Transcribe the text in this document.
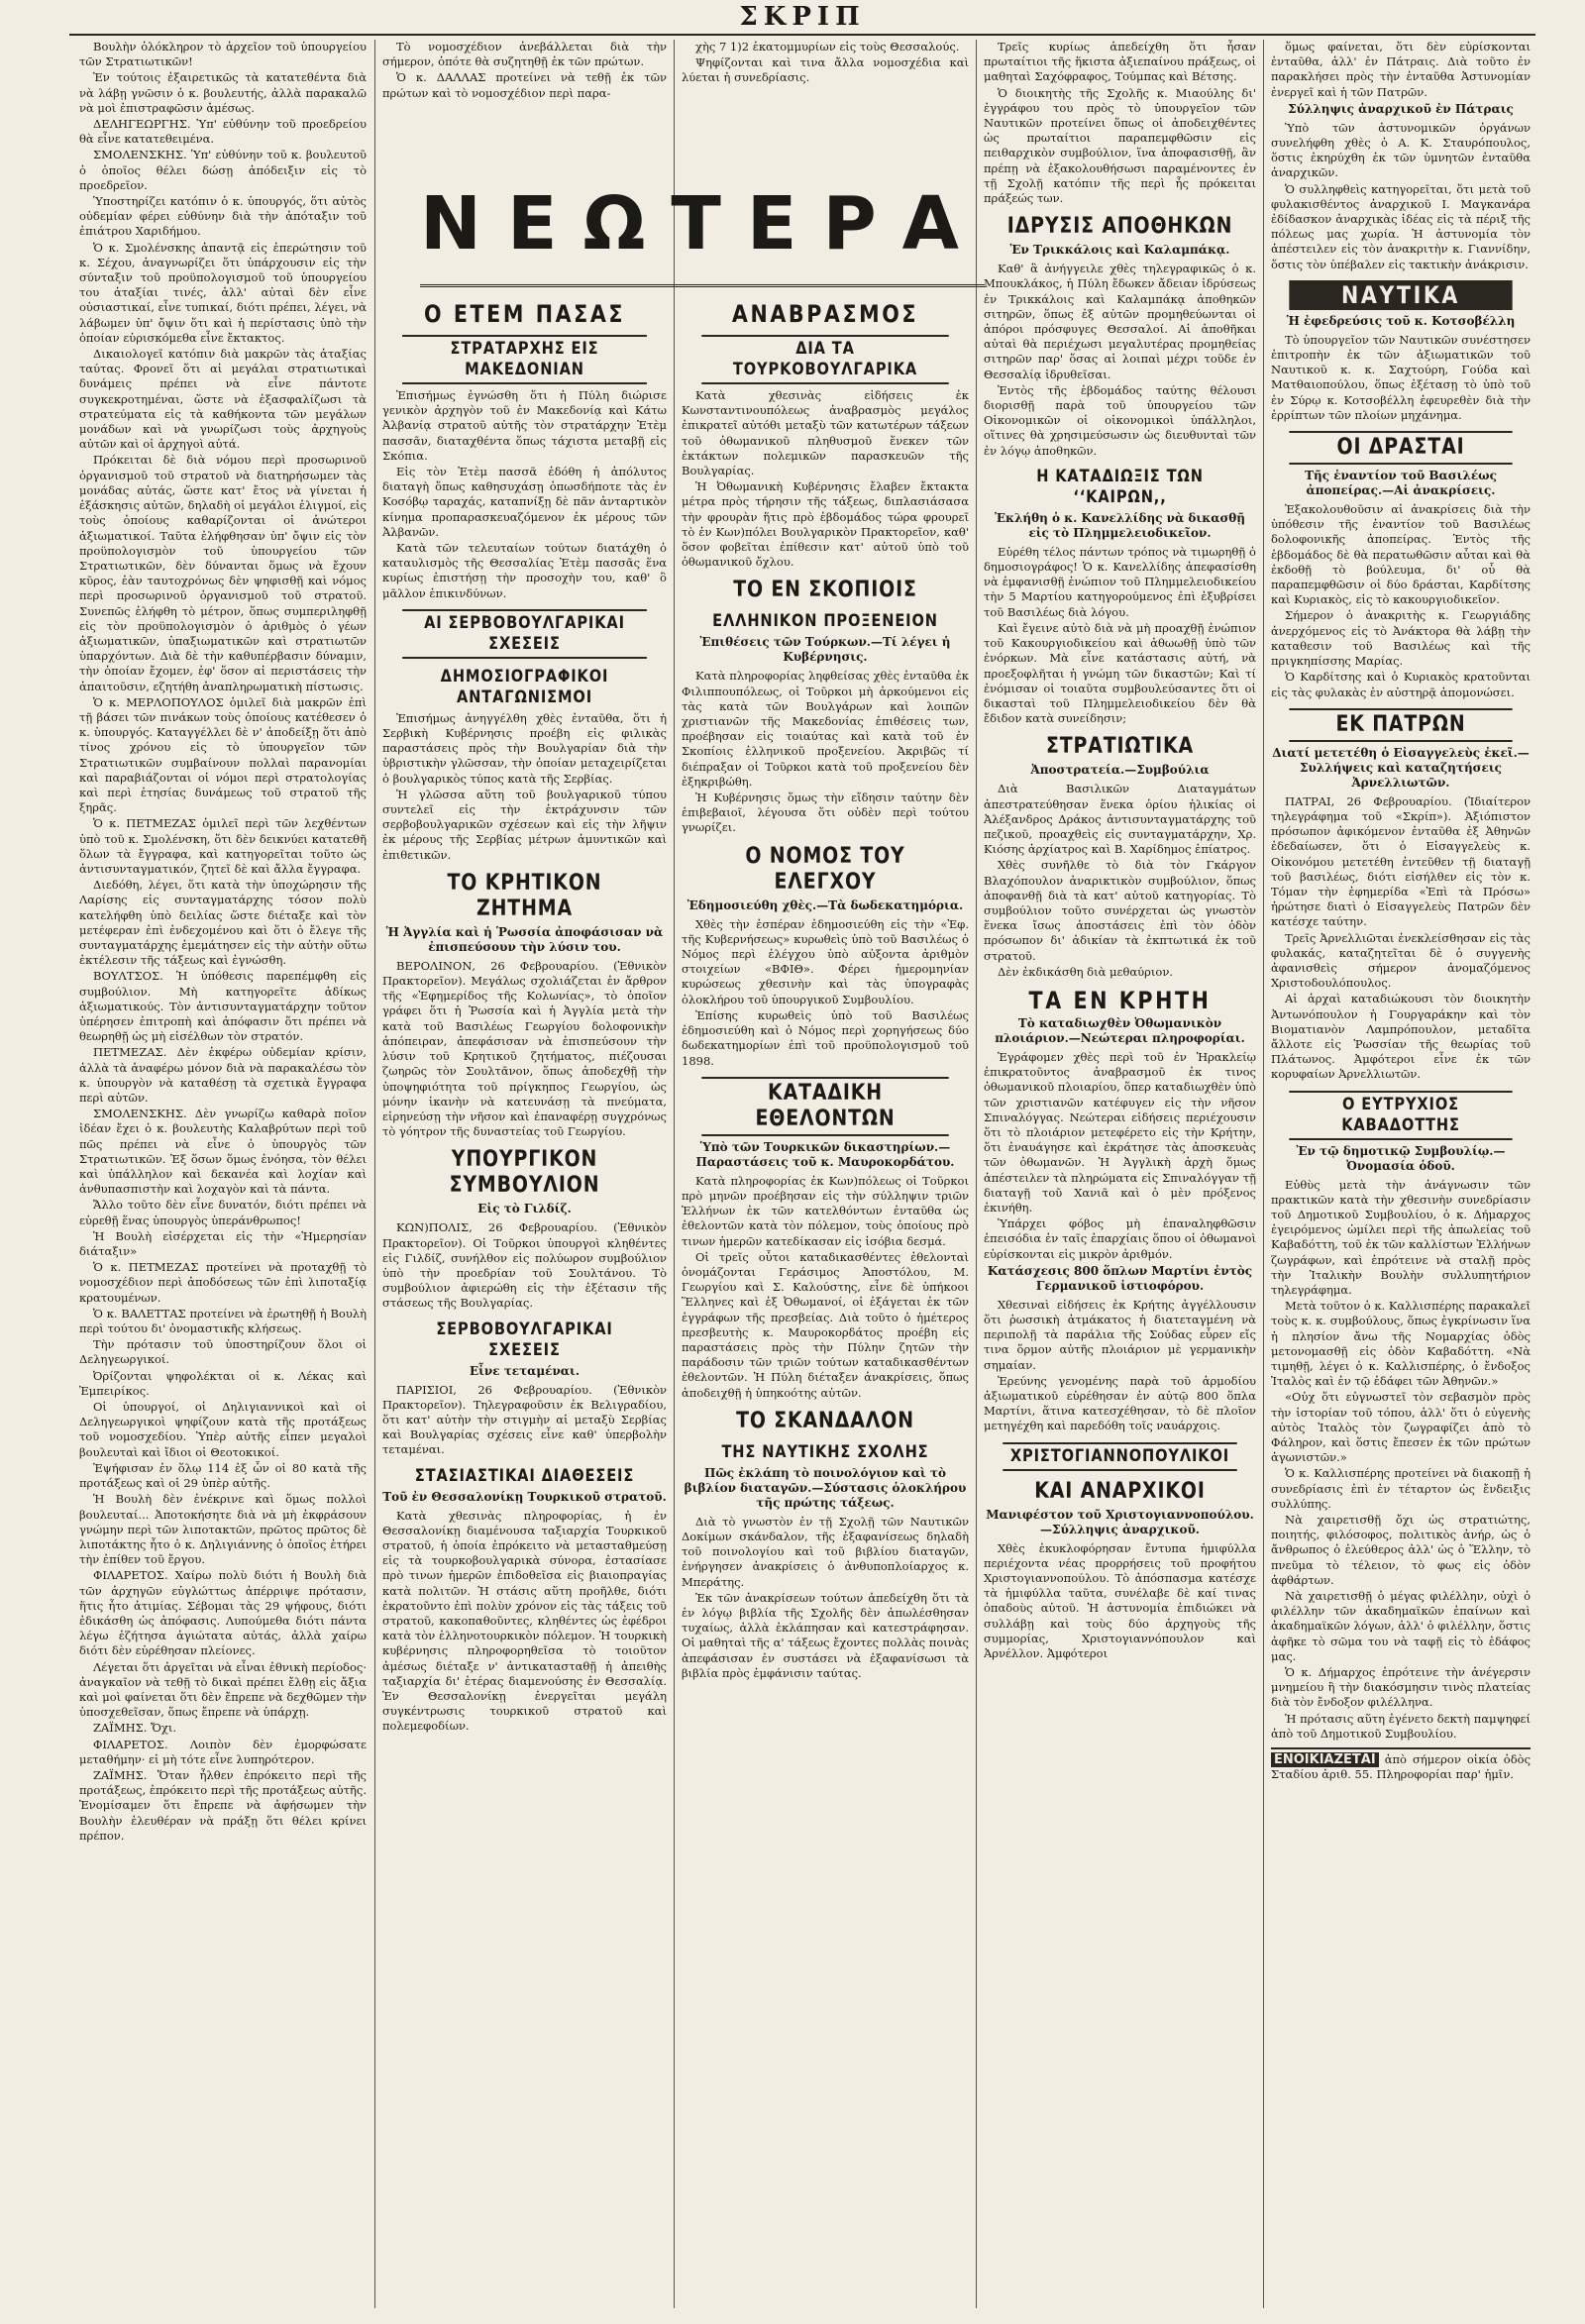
ΣΚΡΙΠ
ΝΕΩΤΕΡΑ

Βουλὴν ὁλόκληρον τὸ ἀρχεῖον τοῦ ὑπουργείου τῶν Στρατιωτικῶν!

Ἐν τούτοις ἐξαιρετικῶς τὰ κατατεθέντα διὰ νὰ λάβῃ γνῶσιν ὁ κ. βουλευτής, ἀλλὰ παρακαλῶ νὰ μοὶ ἐπιστραφῶσιν ἀμέσως.

ΔΕΛΗΓΕΩΡΓΗΣ. Ὑπ' εὐθύνην τοῦ προεδρείου θὰ εἶνε κατατεθειμένα.

ΣΜΟΛΕΝΣΚΗΣ. Ὑπ' εὐθύνην τοῦ κ. βουλευτοῦ ὁ ὁποῖος θέλει δώσῃ ἀπόδειξιν εἰς τὸ προεδρεῖον.

Ὑποστηρίζει κατόπιν ὁ κ. ὑπουργός, ὅτι αὐτὸς οὐδεμίαν φέρει εὐθύνην διὰ τὴν ἀπόταξιν τοῦ ἐπιάτρου Χαριδήμου.

Ὁ κ. Σμολένσκης ἀπαντᾷ εἰς ἐπερώτησιν τοῦ κ. Σέχου, ἀναγνωρίζει ὅτι ὑπάρχουσιν εἰς τὴν σύνταξιν τοῦ προϋπολογισμοῦ τοῦ ὑπουργείου του ἀταξίαι τινές, ἀλλ' αὐταὶ δὲν εἶνε οὐσιαστικαί, εἶνε τυπικαί, διότι πρέπει, λέγει, νὰ λάβωμεν ὑπ' ὄψιν ὅτι καὶ ἡ περίστασις ὑπὸ τὴν ὁποίαν εὑρισκόμεθα εἶνε ἔκτακτος.

Δικαιολογεῖ κατόπιν διὰ μακρῶν τὰς ἀταξίας ταύτας. Φρονεῖ ὅτι αἱ μεγάλαι στρατιωτικαὶ δυνάμεις πρέπει νὰ εἶνε πάντοτε συγκεκροτημέναι, ὥστε νὰ ἐξασφαλίζωσι τὰ στρατεύματα εἰς τὰ καθήκοντα τῶν μεγάλων μονάδων καὶ νὰ γνωρίζωσι τοὺς ἀρχηγοὺς αὐτῶν καὶ οἱ ἀρχηγοὶ αὐτά.

Πρόκειται δὲ διὰ νόμου περὶ προσωρινοῦ ὀργανισμοῦ τοῦ στρατοῦ νὰ διατηρήσωμεν τὰς μονάδας αὐτάς, ὥστε κατ' ἔτος νὰ γίνεται ἡ ἐξάσκησις αὐτῶν, δηλαδὴ οἱ μεγάλοι ἐλιγμοί, εἰς τοὺς ὁποίους καθαρίζονται οἱ ἀνώτεροι ἀξιωματικοί. Ταῦτα ἐλήφθησαν ὑπ' ὄψιν εἰς τὸν προϋπολογισμὸν τοῦ ὑπουργείου τῶν Στρατιωτικῶν, δὲν δύνανται ὅμως νὰ ἔχουν κῦρος, ἐὰν ταυτοχρόνως δὲν ψηφισθῇ καὶ νόμος περὶ προσωρινοῦ ὀργανισμοῦ τοῦ στρατοῦ. Συνεπῶς ἐλήφθη τὸ μέτρον, ὅπως συμπεριληφθῇ εἰς τὸν προϋπολογισμὸν ὁ ἀριθμὸς ὁ γέων ἀξιωματικῶν, ὑπαξιωματικῶν καὶ στρατιωτῶν ὑπαρχόντων. Διὰ δὲ τὴν καθυπέρβασιν δύναμιν, τὴν ὁποίαν ἔχομεν, ἐφ' ὅσον αἱ περιστάσεις τὴν ἀπαιτοῦσιν, εζητήθη ἀναπληρωματικὴ πίστωσις.

Ὁ κ. ΜΕΡΛΟΠΟΥΛΟΣ ὁμιλεῖ διὰ μακρῶν ἐπὶ τῇ βάσει τῶν πινάκων τοὺς ὁποίους κατέθεσεν ὁ κ. ὑπουργός. Καταγγέλλει δὲ ν' ἀποδείξῃ ὅτι ἀπὸ τίνος χρόνου εἰς τὸ ὑπουργεῖον τῶν Στρατιωτικῶν συμβαίνουν πολλαὶ παρανομίαι καὶ παραβιάζονται οἱ νόμοι περὶ στρατολογίας καὶ περὶ ἐτησίας δυνάμεως τοῦ στρατοῦ τῆς ξηρᾶς.

Ὁ κ. ΠΕΤΜΕΖΑΣ ὁμιλεῖ περὶ τῶν λεχθέντων ὑπὸ τοῦ κ. Σμολένσκη, ὅτι δὲν δεικνύει κατατεθῆ ὅλων τὰ ἔγγραφα, καὶ κατηγορεῖται τοῦτο ὡς ἀντισυνταγματικόν, ζητεῖ δὲ καὶ ἄλλα ἔγγραφα.

Διεδόθη, λέγει, ὅτι κατὰ τὴν ὑποχώρησιν τῆς Λαρίσης εἰς συνταγματάρχης τόσον πολὺ κατελήφθη ὑπὸ δειλίας ὥστε διέταξε καὶ τὸν μετέφεραν ἐπὶ ἐνδεχομένου καὶ ὅτι ὁ ἔλεγε τῆς συνταγματάρχης ἐμεμάτησεν εἰς τὴν αὐτὴν οὕτω ἐκτέλεσιν τῆς τάξεως καὶ ἐγνώσθη.

ΒΟΥΛΤΣΟΣ. Ἡ ὑπόθεσις παρεπέμφθη εἰς συμβούλιον. Μὴ κατηγορεῖτε ἀδίκως ἀξιωματικούς. Τὸν ἀντισυνταγματάρχην τοῦτον ὑπέρησεν ἐπιτροπὴ καὶ ἀπόφασιν ὅτι πρέπει νὰ θεωρηθῇ ὡς μὴ εἰσέλθων τὸν στρατόν.

ΠΕΤΜΕΖΑΣ. Δὲν ἐκφέρω οὐδεμίαν κρίσιν, ἀλλὰ τὰ ἀναφέρω μόνον διὰ νὰ παρακαλέσω τὸν κ. ὑπουργὸν νὰ καταθέσῃ τὰ σχετικὰ ἔγγραφα περὶ αὐτῶν.

ΣΜΟΛΕΝΣΚΗΣ. Δὲν γνωρίζω καθαρὰ ποῖον ἰδέαν ἔχει ὁ κ. βουλευτὴς Καλαβρύτων περὶ τοῦ πῶς πρέπει νὰ εἶνε ὁ ὑπουργὸς τῶν Στρατιωτικῶν. Ἐξ ὅσων ὅμως ἐνόησα, τὸν θέλει καὶ ὑπάλληλον καὶ δεκανέα καὶ λοχίαν καὶ ἀνθυπασπιστὴν καὶ λοχαγὸν καὶ τὰ πάντα.

Ἄλλο τοῦτο δὲν εἶνε δυνατόν, διότι πρέπει νὰ εὑρεθῇ ἕνας ὑπουργὸς ὑπεράνθρωπος!

Ἡ Βουλὴ εἰσέρχεται εἰς τὴν «Ἡμερησίαν διάταξιν»

Ὁ κ. ΠΕΤΜΕΖΑΣ προτείνει νὰ προταχθῇ τὸ νομοσχέδιον περὶ ἀποδόσεως τῶν ἐπὶ λιποταξίᾳ κρατουμένων.

Ὁ κ. ΒΑΛΕΤΤΑΣ προτείνει νὰ ἐρωτηθῇ ἡ Βουλὴ περὶ τούτου δι' ὀνομαστικῆς κλήσεως.

Τὴν πρότασιν τοῦ ὑποστηρίζουν ὅλοι οἱ Δεληγεωργικοί.

Ὀρίζονται ψηφολέκται οἱ κ. Λέκας καὶ Ἐμπειρίκος.

Οἱ ὑπουργοί, οἱ Δηλιγιαννικοὶ καὶ οἱ Δεληγεωργικοὶ ψηφίζουν κατὰ τῆς προτάξεως τοῦ νομοσχεδίου. Ὑπὲρ αὐτῆς εἶπεν μεγαλοὶ βουλευταὶ καὶ ἴδιοι οἱ Θεοτοκικοί.

Ἐψήφισαν ἐν ὅλῳ 114 ἐξ ὧν οἱ 80 κατὰ τῆς προτάξεως καὶ οἱ 29 ὑπὲρ αὐτῆς.

Ἡ Βουλὴ δὲν ἐνέκρινε καὶ ὅμως πολλοὶ βουλευταί... Ἀποτοκήσητε διὰ νὰ μὴ ἐκφράσουν γνώμην περὶ τῶν λιποτακτῶν, πρῶτος πρῶτος δὲ λιποτάκτης ἦτο ὁ κ. Δηλιγιάννης ὁ ὁποῖος ἐτήρει τὴν ἐπίθεν τοῦ ἔργου.

ΦΙΛΑΡΕΤΟΣ. Χαίρω πολὺ διότι ἡ Βουλὴ διὰ τῶν ἀρχηγῶν εὐγλώττως ἀπέρριψε πρότασιν, ἥτις ἦτο ἀτιμίας. Σέβομαι τὰς 29 ψήφους, διότι ἐδικάσθη ὡς ἀπόφασις. Λυπούμεθα διότι πάντα λέγω ἐζήτησα ἀγιώτατα αὐτάς, ἀλλὰ χαίρω διότι δὲν εὐρέθησαν πλείονες.

Λέγεται ὅτι ἀργεῖται νὰ εἶναι ἐθνικὴ περίοδος· ἀναγκαῖον νὰ τεθῇ τὸ δικαὶ πρέπει ἔλθῃ εἰς ἄξια καὶ μοὶ φαίνεται ὅτι δὲν ἔπρεπε νὰ δεχθῶμεν τὴν ὑποσχεθεῖσαν, ὅπως ἔπρεπε νὰ ὑπάρχῃ.

ΖΑΪΜΗΣ. Ὄχι.

ΦΙΛΑΡΕΤΟΣ. Λοιπὸν δὲν ἐμορφώσατε μεταθήμην· εἰ μὴ τότε εἶνε λυπηρότερον.

ΖΑΪΜΗΣ. Ὅταν ἦλθεν ἐπρόκειτο περὶ τῆς προτάξεως, ἐπρόκειτο περὶ τῆς προτάξεως αὐτῆς. Ἐνομίσαμεν ὅτι ἔπρεπε νὰ ἀφήσωμεν τὴν Βουλὴν ἐλευθέραν νὰ πράξῃ ὅτι θέλει κρίνει πρέπον.

Τὸ νομοσχέδιον ἀνεβάλλεται διὰ τὴν σήμερον, ὁπότε θὰ συζητηθῇ ἐκ τῶν πρώτων.

Ὁ κ. ΔΑΛΛΑΣ προτείνει νὰ τεθῇ ἐκ τῶν πρώτων καὶ τὸ νομοσχέδιον περὶ παρα-

Ο ΕΤΕΜ ΠΑΣΑΣ
ΣΤΡΑΤΑΡΧΗΣ ΕΙΣ ΜΑΚΕΔΟΝΙΑΝ

Ἐπισήμως ἐγνώσθη ὅτι ἡ Πύλη διώρισε γενικὸν ἀρχηγὸν τοῦ ἐν Μακεδονίᾳ καὶ Κάτω Ἀλβανίᾳ στρατοῦ αὐτῆς τὸν στρατάρχην Ἐτὲμ πασσᾶν, διαταχθέντα ὅπως τάχιστα μεταβῇ εἰς Σκόπια.

Εἰς τὸν Ἐτὲμ πασσᾶ ἐδόθη ἡ ἀπόλυτος διαταγὴ ὅπως καθησυχάσῃ ὁπωσδήποτε τὰς ἐν Κοσόβῳ ταραχάς, καταπνίξῃ δὲ πᾶν ἀνταρτικὸν κίνημα προπαρασκευαζόμενον ἐκ μέρους τῶν Ἀλβανῶν.

Κατὰ τῶν τελευταίων τούτων διατάχθη ὁ καταυλισμὸς τῆς Θεσσαλίας Ἐτὲμ πασσᾶς ἕνα κυρίως ἐπιστήσῃ τὴν προσοχὴν του, καθ' ὃ μᾶλλον ἐπικινδύνων.

ΑΙ ΣΕΡΒΟΒΟΥΛΓΑΡΙΚΑΙ ΣΧΕΣΕΙΣ
ΔΗΜΟΣΙΟΓΡΑΦΙΚΟΙ ΑΝΤΑΓΩΝΙΣΜΟΙ

Ἐπισήμως ἀνηγγέλθη χθὲς ἐνταῦθα, ὅτι ἡ Σερβικὴ Κυβέρνησις προέβη εἰς φιλικὰς παραστάσεις πρὸς τὴν Βουλγαρίαν διὰ τὴν ὑβριστικὴν γλῶσσαν, τὴν ὁποίαν μεταχειρίζεται ὁ βουλγαρικὸς τύπος κατὰ τῆς Σερβίας.

Ἡ γλῶσσα αὕτη τοῦ βουλγαρικοῦ τύπου συντελεῖ εἰς τὴν ἐκτράχυνσιν τῶν σερβοβουλγαρικῶν σχέσεων καὶ εἰς τὴν λῆψιν ἐκ μέρους τῆς Σερβίας μέτρων ἀμυντικῶν καὶ ἐπιθετικῶν.

ΤΟ ΚΡΗΤΙΚΟΝ ΖΗΤΗΜΑ
Ἡ Ἀγγλία καὶ ἡ Ῥωσσία ἀποφάσισαν νὰ ἐπισπεύσουν τὴν λύσιν του.

ΒΕΡΟΛΙΝΟΝ, 26 Φεβρουαρίου. (Ἐθνικὸν Πρακτορεῖον). Μεγάλως σχολιάζεται ἐν ἄρθρον τῆς «Ἐφημερίδος τῆς Κολωνίας», τὸ ὁποῖον γράφει ὅτι ἡ Ῥωσσία καὶ ἡ Ἀγγλία μετὰ τὴν κατὰ τοῦ Βασιλέως Γεωργίου δολοφονικὴν ἀπόπειραν, ἀπεφάσισαν νὰ ἐπισπεύσουν τὴν λύσιν τοῦ Κρητικοῦ ζητήματος, πιέζουσαι ζωηρῶς τὸν Σουλτᾶνον, ὅπως ἀποδεχθῇ τὴν ὑποψηφιότητα τοῦ πρίγκηπος Γεωργίου, ὡς μόνην ἱκανὴν νὰ κατευνάσῃ τὰ πνεύματα, εἰρηνεύσῃ τὴν νῆσον καὶ ἐπαναφέρῃ συγχρόνως τὸ γόητρον τῆς δυναστείας τοῦ Γεωργίου.

ΥΠΟΥΡΓΙΚΟΝ ΣΥΜΒΟΥΛΙΟΝ
Εἰς τὸ Γιλδίζ.

ΚΩΝ)ΠΟΛΙΣ, 26 Φεβρουαρίου. (Ἐθνικὸν Πρακτορεῖον). Οἱ Τοῦρκοι ὑπουργοὶ κληθέντες εἰς Γιλδίζ, συνήλθον εἰς πολύωρον συμβούλιον ὑπὸ τὴν προεδρίαν τοῦ Σουλτάνου. Τὸ συμβούλιον ἀφιερώθη εἰς τὴν ἐξέτασιν τῆς στάσεως τῆς Βουλγαρίας.

ΣΕΡΒΟΒΟΥΛΓΑΡΙΚΑΙ ΣΧΕΣΕΙΣ
Εἶνε τεταμέναι.

ΠΑΡΙΣΙΟΙ, 26 Φεβρουαρίου. (Ἐθνικὸν Πρακτορεῖον). Τηλεγραφοῦσιν ἐκ Βελιγραδίου, ὅτι κατ' αὐτὴν τὴν στιγμὴν αἱ μεταξὺ Σερβίας καὶ Βουλγαρίας σχέσεις εἶνε καθ' ὑπερβολὴν τεταμέναι.

ΣΤΑΣΙΑΣΤΙΚΑΙ ΔΙΑΘΕΣΕΙΣ
Τοῦ ἐν Θεσσαλονίκῃ Τουρκικοῦ στρατοῦ.

Κατὰ χθεσινὰς πληροφορίας, ἡ ἐν Θεσσαλονίκῃ διαμένουσα ταξιαρχία Τουρκικοῦ στρατοῦ, ἡ ὁποία ἐπρόκειτο νὰ μετασταθμεύσῃ εἰς τὰ τουρκοβουλγαρικὰ σύνορα, ἐστασίασε πρὸ τινων ἡμερῶν ἐπιδοθεῖσα εἰς βιαιοπραγίας κατὰ πολιτῶν. Ἡ στάσις αὕτη προῆλθε, διότι ἐκρατοῦντο ἐπὶ πολὺν χρόνον εἰς τὰς τάξεις τοῦ στρατοῦ, κακοπαθοῦντες, κληθέντες ὡς ἐφέδροι κατὰ τὸν ἑλληνοτουρκικὸν πόλεμον. Ἡ τουρκικὴ κυβέρνησις πληροφορηθεῖσα τὸ τοιοῦτον ἀμέσως διέταξε ν' ἀντικατασταθῇ ἡ ἀπειθὴς ταξιαρχία δι' ἑτέρας διαμενούσης ἐν Θεσσαλίᾳ. Ἐν Θεσσαλονίκῃ ἐνεργεῖται μεγάλη συγκέντρωσις τουρκικοῦ στρατοῦ καὶ πολεμεφοδίων.

χὴς 7 1)2 ἑκατομμυρίων εἰς τοὺς Θεσσαλούς.

Ψηφίζονται καὶ τινα ἄλλα νομοσχέδια καὶ λύεται ἡ συνεδρίασις.

ΑΝΑΒΡΑΣΜΟΣ
ΔΙΑ ΤΑ ΤΟΥΡΚΟΒΟΥΛΓΑΡΙΚΑ

Κατὰ χθεσινὰς εἰδήσεις ἐκ Κωνσταντινουπόλεως ἀναβρασμὸς μεγάλος ἐπικρατεῖ αὐτόθι μεταξὺ τῶν κατωτέρων τάξεων τοῦ ὀθωμανικοῦ πληθυσμοῦ ἕνεκεν τῶν ἐκτάκτων πολεμικῶν παρασκευῶν τῆς Βουλγαρίας.

Ἡ Ὀθωμανικὴ Κυβέρνησις ἔλαβεν ἔκτακτα μέτρα πρὸς τήρησιν τῆς τάξεως, διπλασιάσασα τὴν φρουρὰν ἥτις πρὸ ἑβδομάδος τώρα φρουρεῖ τὸ ἐν Κων)πόλει Βουλγαρικὸν Πρακτορεῖον, καθ' ὅσον φοβεῖται ἐπίθεσιν κατ' αὐτοῦ ὑπὸ τοῦ ὀθωμανικοῦ ὄχλου.

ΤΟ ΕΝ ΣΚΟΠΙΟΙΣ
ΕΛΛΗΝΙΚΟΝ ΠΡΟΞΕΝΕΙΟΝ
Ἐπιθέσεις τῶν Τούρκων.—Τί λέγει ἡ Κυβέρνησις.

Κατὰ πληροφορίας ληφθείσας χθὲς ἐνταῦθα ἐκ Φιλιππουπόλεως, οἱ Τοῦρκοι μὴ ἀρκούμενοι εἰς τὰς κατὰ τῶν Βουλγάρων καὶ λοιπῶν χριστιανῶν τῆς Μακεδονίας ἐπιθέσεις των, προέβησαν εἰς τοιαύτας καὶ κατὰ τοῦ ἐν Σκοπίοις ἑλληνικοῦ προξενείου. Ἀκριβῶς τί διέπραξαν οἱ Τοῦρκοι κατὰ τοῦ προξενείου δὲν ἐξηκριβώθη.

Ἡ Κυβέρνησις ὅμως τὴν εἴδησιν ταύτην δὲν ἐπιβεβαιοῖ, λέγουσα ὅτι οὐδὲν περὶ τούτου γνωρίζει.

Ο ΝΟΜΟΣ ΤΟΥ ΕΛΕΓΧΟΥ
Ἐδημοσιεύθη χθὲς.—Τὰ δωδεκατημόρια.

Χθὲς τὴν ἑσπέραν ἐδημοσιεύθη εἰς τὴν «Ἐφ. τῆς Κυβερνήσεως» κυρωθεὶς ὑπὸ τοῦ Βασιλέως ὁ Νόμος περὶ ἐλέγχου ὑπὸ αὐξοντα ἀριθμὸν στοιχείων «ΒΦΙΘ». Φέρει ἡμερομηνίαν κυρώσεως χθεσινὴν καὶ τὰς ὑπογραφὰς ὁλοκλήρου τοῦ ὑπουργικοῦ Συμβουλίου.

Ἐπίσης κυρωθεὶς ὑπὸ τοῦ Βασιλέως ἐδημοσιεύθη καὶ ὁ Νόμος περὶ χορηγήσεως δύο δωδεκατημορίων ἐπὶ τοῦ προϋπολογισμοῦ τοῦ 1898.

ΚΑΤΑΔΙΚΗ ΕΘΕΛΟΝΤΩΝ
Ὑπὸ τῶν Τουρκικῶν δικαστηρίων.—Παραστάσεις τοῦ κ. Μαυροκορδάτου.

Κατὰ πληροφορίας ἐκ Κων)πόλεως οἱ Τοῦρκοι πρὸ μηνῶν προέβησαν εἰς τὴν σύλληψιν τριῶν Ἑλλήνων ἐκ τῶν κατελθόντων ἐνταῦθα ὡς ἐθελοντῶν κατὰ τὸν πόλεμον, τοὺς ὁποίους πρὸ τινων ἡμερῶν κατεδίκασαν εἰς ἰσόβια δεσμά.

Οἱ τρεῖς οὗτοι καταδικασθέντες ἐθελονταὶ ὀνομάζονται Γεράσιμος Ἀποστόλου, Μ. Γεωργίου καὶ Σ. Καλούστης, εἶνε δὲ ὑπήκοοι Ἕλληνες καὶ ἐξ Ὀθωμανοί, οἱ ἐξάγεται ἐκ τῶν ἐγγράφων τῆς πρεσβείας. Διὰ τοῦτο ὁ ἡμέτερος πρεσβευτὴς κ. Μαυροκορδάτος προέβη εἰς παραστάσεις πρὸς τὴν Πύλην ζητῶν τὴν παράδοσιν τῶν τριῶν τούτων καταδικασθέντων ἐθελοντῶν. Ἡ Πύλη διέταξεν ἀνακρίσεις, ὅπως ἀποδειχθῇ ἡ ὑπηκοότης αὐτῶν.

ΤΟ ΣΚΑΝΔΑΛΟΝ
ΤΗΣ ΝΑΥΤΙΚΗΣ ΣΧΟΛΗΣ
Πῶς ἐκλάπη τὸ ποινολόγιον καὶ τὸ βιβλίον διαταγῶν.—Σύστασις ὁλοκλήρου τῆς πρώτης τάξεως.

Διὰ τὸ γνωστὸν ἐν τῇ Σχολῇ τῶν Ναυτικῶν Δοκίμων σκάνδαλον, τῆς ἐξαφανίσεως δηλαδὴ τοῦ ποινολογίου καὶ τοῦ βιβλίου διαταγῶν, ἐνήργησεν ἀνακρίσεις ὁ ἀνθυποπλοίαρχος κ. Μπεράτης.

Ἐκ τῶν ἀνακρίσεων τούτων ἀπεδείχθη ὅτι τὰ ἐν λόγῳ βιβλία τῆς Σχολῆς δὲν ἀπωλέσθησαν τυχαίως, ἀλλὰ ἐκλάπησαν καὶ κατεστράφησαν. Οἱ μαθηταὶ τῆς α' τάξεως ἔχοντες πολλὰς ποινὰς ἀπεφάσισαν ἐν συστάσει νὰ ἐξαφανίσωσι τὰ βιβλία πρὸς ἐμφάνισιν ταύτας.

Τρεῖς κυρίως ἀπεδείχθη ὅτι ἦσαν πρωταίτιοι τῆς ἥκιστα ἀξιεπαίνου πράξεως, οἱ μαθηταὶ Σαχόφραφος, Τούμπας καὶ Βέτσης.

Ὁ διοικητὴς τῆς Σχολῆς κ. Μιαούλης δι' ἐγγράφου του πρὸς τὸ ὑπουργεῖον τῶν Ναυτικῶν προτείνει ὅπως οἱ ἀποδειχθέντες ὡς πρωταίτιοι παραπεμφθῶσιν εἰς πειθαρχικὸν συμβούλιον, ἵνα ἀποφασισθῇ, ἂν πρέπῃ νὰ ἐξακολουθήσωσι παραμένοντες ἐν τῇ Σχολῇ κατόπιν τῆς περὶ ἧς πρόκειται πράξεώς των.

ΙΔΡΥΣΙΣ ΑΠΟΘΗΚΩΝ
Ἐν Τρικκάλοις καὶ Καλαμπάκᾳ.

Καθ' ἃ ἀνήγγειλε χθὲς τηλεγραφικῶς ὁ κ. Μπουκλάκος, ἡ Πύλη ἔδωκεν ἄδειαν ἱδρύσεως ἐν Τρικκάλοις καὶ Καλαμπάκᾳ ἀποθηκῶν σιτηρῶν, ὅπως ἐξ αὐτῶν προμηθεύωνται οἱ ἀπόροι πρόσφυγες Θεσσαλοί. Αἱ ἀποθῆκαι αὐταὶ θὰ περιέχωσι μεγαλυτέρας προμηθείας σιτηρῶν παρ' ὅσας αἱ λοιπαὶ μέχρι τοῦδε ἐν Θεσσαλίᾳ ἱδρυθεῖσαι.

Ἐντὸς τῆς ἑβδομάδος ταύτης θέλουσι διορισθῇ παρὰ τοῦ ὑπουργείου τῶν Οἰκονομικῶν οἱ οἰκονομικοὶ ὑπάλληλοι, οἵτινες θὰ χρησιμεύσωσιν ὡς διευθυνταὶ τῶν ἐν λόγῳ ἀποθηκῶν.

Η ΚΑΤΑΔΙΩΞΙΣ ΤΩΝ ‘‘ΚΑΙΡΩΝ,,
Ἐκλήθη ὁ κ. Κανελλίδης νὰ δικασθῇ εἰς τὸ Πλημμελειοδικεῖον.

Εὑρέθη τέλος πάντων τρόπος νὰ τιμωρηθῇ ὁ δημοσιογράφος! Ὁ κ. Κανελλίδης ἀπεφασίσθη νὰ ἐμφανισθῇ ἐνώπιον τοῦ Πλημμελειοδικείου τὴν 5 Μαρτίου κατηγορούμενος ἐπὶ ἐξυβρίσει τοῦ Βασιλέως διὰ λόγου.

Καὶ ἔγεινε αὐτὸ διὰ νὰ μὴ προαχθῇ ἐνώπιον τοῦ Κακουργιοδικείου καὶ ἀθωωθῇ ὑπὸ τῶν ἐνόρκων. Μὰ εἶνε κατάστασις αὐτή, νὰ προεξοφλῆται ἡ γνώμη τῶν δικαστῶν; Καὶ τί ἐνόμισαν οἱ τοιαῦτα συμβουλεύσαντες ὅτι οἱ δικασταὶ τοῦ Πλημμελειοδικείου δὲν θὰ ἔδιδον κατὰ συνείδησιν;

ΣΤΡΑΤΙΩΤΙΚΑ
Ἀποστρατεία.—Συμβούλια

Διὰ Βασιλικῶν Διαταγμάτων ἀπεστρατεύθησαν ἕνεκα ὁρίου ἡλικίας οἱ Ἀλέξανδρος Δράκος ἀντισυνταγματάρχης τοῦ πεζικοῦ, προαχθεὶς εἰς συνταγματάρχην, Χρ. Κιόσης ἀρχίατρος καὶ Β. Χαρίδημος ἐπίατρος.

Χθὲς συνῆλθε τὸ διὰ τὸν Γκάργον Βλαχόπουλον ἀναρικτικὸν συμβούλιον, ὅπως ἀποφανθῇ διὰ τὰ κατ' αὐτοῦ κατηγορίας. Τὸ συμβούλιον τοῦτο συνέρχεται ὡς γνωστὸν ἕνεκα ἴσως ἀποστάσεις ἐπὶ τὸν ὁδὸν πρόσωπον δι' ἀδικίαν τὰ ἐκπτωτικά ἐκ τοῦ στρατοῦ.

Δὲν ἐκδικάσθη διὰ μεθαύριον.

ΤΑ ΕΝ ΚΡΗΤΗ
Τὸ καταδιωχθὲν Ὀθωμανικὸν πλοιάριον.—Νεώτεραι πληροφορίαι.

Ἐγράφομεν χθὲς περὶ τοῦ ἐν Ἡρακλείῳ ἐπικρατοῦντος ἀναβρασμοῦ ἐκ τινος ὀθωμανικοῦ πλοιαρίου, ὅπερ καταδιωχθὲν ὑπὸ τῶν χριστιανῶν κατέφυγεν εἰς τὴν νῆσον Σπιναλόγγας. Νεώτεραι εἰδήσεις περιέχουσιν ὅτι τὸ πλοιάριον μετεφέρετο εἰς τὴν Κρήτην, ὅτι ἐναυάγησε καὶ ἐκράτησε τὰς ἀποσκευὰς τῶν ὀθωμανῶν. Ἡ Ἀγγλικὴ ἀρχὴ ὅμως ἀπέστειλεν τὰ πληρώματα εἰς Σπιναλόγγαν τῇ διαταγῇ τοῦ Χανιᾶ καὶ ὁ μὲν πρόξενος ἐκινήθη.

Ὑπάρχει φόβος μὴ ἐπαναληφθῶσιν ἐπεισόδια ἐν ταῖς ἐπαρχίαις ὅπου οἱ ὀθωμανοὶ εὑρίσκονται εἰς μικρὸν ἀριθμόν.

Κατάσχεσις 800 ὅπλων Μαρτίνι ἐντὸς Γερμανικοῦ ἱστιοφόρου.

Χθεσιναὶ εἰδήσεις ἐκ Κρήτης ἀγγέλλουσιν ὅτι ῥωσσικὴ ἀτμάκατος ἡ διατεταγμένη νὰ περιπολῇ τὰ παράλια τῆς Σούδας εὗρεν εἴς τινα ὅρμον αὐτῆς πλοιάριον μὲ γερμανικὴν σημαίαν.

Ἐρεύνης γενομένης παρὰ τοῦ ἁρμοδίου ἀξιωματικοῦ εὑρέθησαν ἐν αὐτῷ 800 ὅπλα Μαρτίνι, ἅτινα κατεσχέθησαν, τὸ δὲ πλοῖον μετηγέχθη καὶ παρεδόθη τοῖς ναυάρχοις.

ΧΡΙΣΤΟΓΙΑΝΝΟΠΟΥΛΙΚΟΙ
ΚΑΙ ΑΝΑΡΧΙΚΟΙ
Μανιφέστον τοῦ Χριστογιαννοπούλου.—Σύλληψις ἀναρχικοῦ.

Χθὲς ἐκυκλοφόρησαν ἔντυπα ἡμιφύλλα περιέχοντα νέας προρρήσεις τοῦ προφήτου Χριστογιαννοπούλου. Τὸ ἀπόσπασμα κατέσχε τὰ ἡμιφύλλα ταῦτα, συνέλαβε δὲ καί τινας ὀπαδοὺς αὐτοῦ. Ἡ ἀστυνομία ἐπιδιώκει νὰ συλλάβῃ καὶ τοὺς δύο ἀρχηγοὺς τῆς συμμορίας, Χριστογιαννόπουλον καὶ Ἀρνέλλον. Ἀμφότεροι

ὅμως φαίνεται, ὅτι δὲν εὑρίσκονται ἐνταῦθα, ἀλλ' ἐν Πάτραις. Διὰ τοῦτο ἐν παρακλήσει πρὸς τὴν ἐνταῦθα Ἀστυνομίαν ἐνεργεῖ καὶ ἡ τῶν Πατρῶν.

Σύλληψις ἀναρχικοῦ ἐν Πάτραις

Ὑπὸ τῶν ἀστυνομικῶν ὀργάνων συνελήφθη χθὲς ὁ Α. Κ. Σταυρόπουλος, ὅστις ἐκηρύχθη ἐκ τῶν ὑμνητῶν ἐνταῦθα ἀναρχικῶν.

Ὁ συλληφθεὶς κατηγορεῖται, ὅτι μετὰ τοῦ φυλακισθέντος ἀναρχικοῦ Ι. Μαγκανάρα ἐδίδασκον ἀναρχικὰς ἰδέας εἰς τὰ πέριξ τῆς πόλεως μας χωρία. Ἡ ἀστυνομία τὸν ἀπέστειλεν εἰς τὸν ἀνακριτὴν κ. Γιαννίδην, ὅστις τὸν ὑπέβαλεν εἰς τακτικὴν ἀνάκρισιν.

ΝΑΥΤΙΚΑ
Ἡ ἐφεδρεύσις τοῦ κ. Κοτσοβέλλη

Τὸ ὑπουργεῖον τῶν Ναυτικῶν συνέστησεν ἐπιτροπὴν ἐκ τῶν ἀξιωματικῶν τοῦ Ναυτικοῦ κ. κ. Σαχτούρη, Γούδα καὶ Ματθαιοπούλου, ὅπως ἐξέτασῃ τὸ ὑπὸ τοῦ ἐν Σύρῳ κ. Κοτσοβέλλη ἐφευρεθὲν διὰ τὴν ἐρρίπτων τῶν πλοίων μηχάνημα.

ΟΙ ΔΡΑΣΤΑΙ
Τῆς ἐναντίον τοῦ Βασιλέως ἀποπείρας.—Αἱ ἀνακρίσεις.

Ἐξακολουθοῦσιν αἱ ἀνακρίσεις διὰ τὴν ὑπόθεσιν τῆς ἐναντίον τοῦ Βασιλέως δολοφονικῆς ἀποπείρας. Ἐντὸς τῆς ἑβδομάδος δὲ θὰ περατωθῶσιν αὗται καὶ θὰ ἐκδοθῇ τὸ βούλευμα, δι' οὗ θὰ παραπεμφθῶσιν οἱ δύο δράσται, Καρδίτσης καὶ Κυριακὸς, εἰς τὸ κακουργιοδικεῖον.

Σήμερον ὁ ἀνακριτὴς κ. Γεωργιάδης ἀνερχόμενος εἰς τὸ Ἀνάκτορα θὰ λάβῃ τὴν καταθεσιν τοῦ Βασιλέως καὶ τῆς πριγκηπίσσης Μαρίας.

Ὁ Καρδίτσης καὶ ὁ Κυριακὸς κρατοῦνται εἰς τὰς φυλακὰς ἐν αὐστηρᾷ ἀπομονώσει.

ΕΚ ΠΑΤΡΩΝ
Διατί μετετέθη ὁ Εἰσαγγελεὺς ἐκεῖ.—Συλλήψεις καὶ καταζητήσεις Ἀρνελλιωτῶν.

ΠΑΤΡΑΙ, 26 Φεβρουαρίου. (Ἰδιαίτερον τηλεγράφημα τοῦ «Σκρίπ»). Ἀξιόπιστον πρόσωπον ἀφικόμενον ἐνταῦθα ἐξ Ἀθηνῶν ἐδεδαίωσεν, ὅτι ὁ Εἰσαγγελεὺς κ. Οἰκονόμου μετετέθη ἐντεῦθεν τῇ διαταγῇ τοῦ βασιλέως, διότι εἰσήλθεν εἰς τὸν κ. Τόμαν τὴν ἐφημερίδα «Ἐπὶ τὰ Πρόσω» ἠρώτησε διατὶ ὁ Εἰσαγγελεὺς Πατρῶν δὲν κατέσχε ταύτην.

Τρεῖς Ἀρνελλιῶται ἐνεκλείσθησαν εἰς τὰς φυλακάς, καταζητεῖται δὲ ὁ συγγενὴς ἀφανισθεὶς σήμερον ἀνομαζόμενος Χριστοδουλόπουλος.

Αἱ ἀρχαὶ καταδιώκουσι τὸν διοικητὴν Ἀντωνόπουλον ἡ Γουργαράκην καὶ τὸν Βιοματιανὸν Λαμπρόπουλον, μεταδῖτα ἄλλοτε εἰς Ῥωσσίαν τῆς θεωρίας τοῦ Πλάτωνος. Ἀμφότεροι εἶνε ἐκ τῶν κορυφαίων Ἀρνελλιωτῶν.

Ο ΕΥΤΡΥΧΙΟΣ ΚΑΒΑΔΟΤΤΗΣ
Ἐν τῷ δημοτικῷ Συμβουλίῳ.—Ὀνομασία ὁδοῦ.

Εὐθὺς μετὰ τὴν ἀνάγνωσιν τῶν πρακτικῶν κατὰ τὴν χθεσινὴν συνεδρίασιν τοῦ Δημοτικοῦ Συμβουλίου, ὁ κ. Δήμαρχος ἐγειρόμενος ὡμίλει περὶ τῆς ἀπωλείας τοῦ Καβαδόττη, τοῦ ἐκ τῶν καλλίστων Ἑλλήνων ζωγράφων, καὶ ἐπρότεινε νὰ σταλῇ πρὸς τὴν Ἰταλικὴν Βουλὴν συλλυπητήριον τηλεγράφημα.

Μετὰ τοῦτον ὁ κ. Καλλισπέρης παρακαλεῖ τοὺς κ. κ. συμβούλους, ὅπως ἐγκρίνωσιν ἵνα ἡ πλησίον ἄνω τῆς Νομαρχίας ὁδὸς μετονομασθῇ εἰς ὁδὸν Καβαδόττη. «Νὰ τιμηθῇ, λέγει ὁ κ. Καλλισπέρης, ὁ ἔνδοξος Ἰταλὸς καὶ ἐν τῷ ἐδάφει τῶν Ἀθηνῶν.»

«Οὐχ ὅτι εὐγνωστεῖ τὸν σεβασμὸν πρὸς τὴν ἱστορίαν τοῦ τόπου, ἀλλ' ὅτι ὁ εὐγενὴς αὐτὸς Ἰταλὸς τὸν ζωγραφίζει ἀπὸ τὸ Φάληρον, καὶ ὅστις ἔπεσεν ἐκ τῶν πρώτων ἀγωνιστῶν.»

Ὁ κ. Καλλισπέρης προτείνει νὰ διακοπῇ ἡ συνεδρίασις ἐπὶ ἐν τέταρτον ὡς ἔνδειξις συλλύπης.

Νὰ χαιρετισθῇ ὄχι ὡς στρατιώτης, ποιητής, φιλόσοφος, πολιτικὸς ἀνήρ, ὡς ὁ ἄνθρωπος ὁ ἐλεύθερος ἀλλ' ὡς ὁ Ἕλλην, τὸ πνεῦμα τὸ τέλειον, τὸ φως εἰς ὁδὸν ἀφθάρτων.

Νὰ χαιρετισθῇ ὁ μέγας φιλέλλην, οὐχὶ ὁ φιλέλλην τῶν ἀκαδημαϊκῶν ἐπαίνων καὶ ἀκαδημαϊκῶν λόγων, ἀλλ' ὁ φιλέλλην, ὅστις ἀφῆκε τὸ σῶμα του νὰ ταφῇ εἰς τὸ ἐδάφος μας.

Ὁ κ. Δήμαρχος ἐπρότεινε τὴν ἀνέγερσιν μνημείου ἢ τὴν διακόσμησιν τινὸς πλατείας διὰ τὸν ἔνδοξον φιλέλληνα.

Ἡ πρότασις αὕτη ἐγένετο δεκτὴ παμψηφεί ἀπὸ τοῦ Δημοτικοῦ Συμβουλίου.

ΕΝΟΙΚΙΑΖΕΤΑΙ ἀπὸ σήμερον οἰκία ὁδὸς Σταδίου ἀριθ. 55. Πληροφορίαι παρ' ἡμῖν.
